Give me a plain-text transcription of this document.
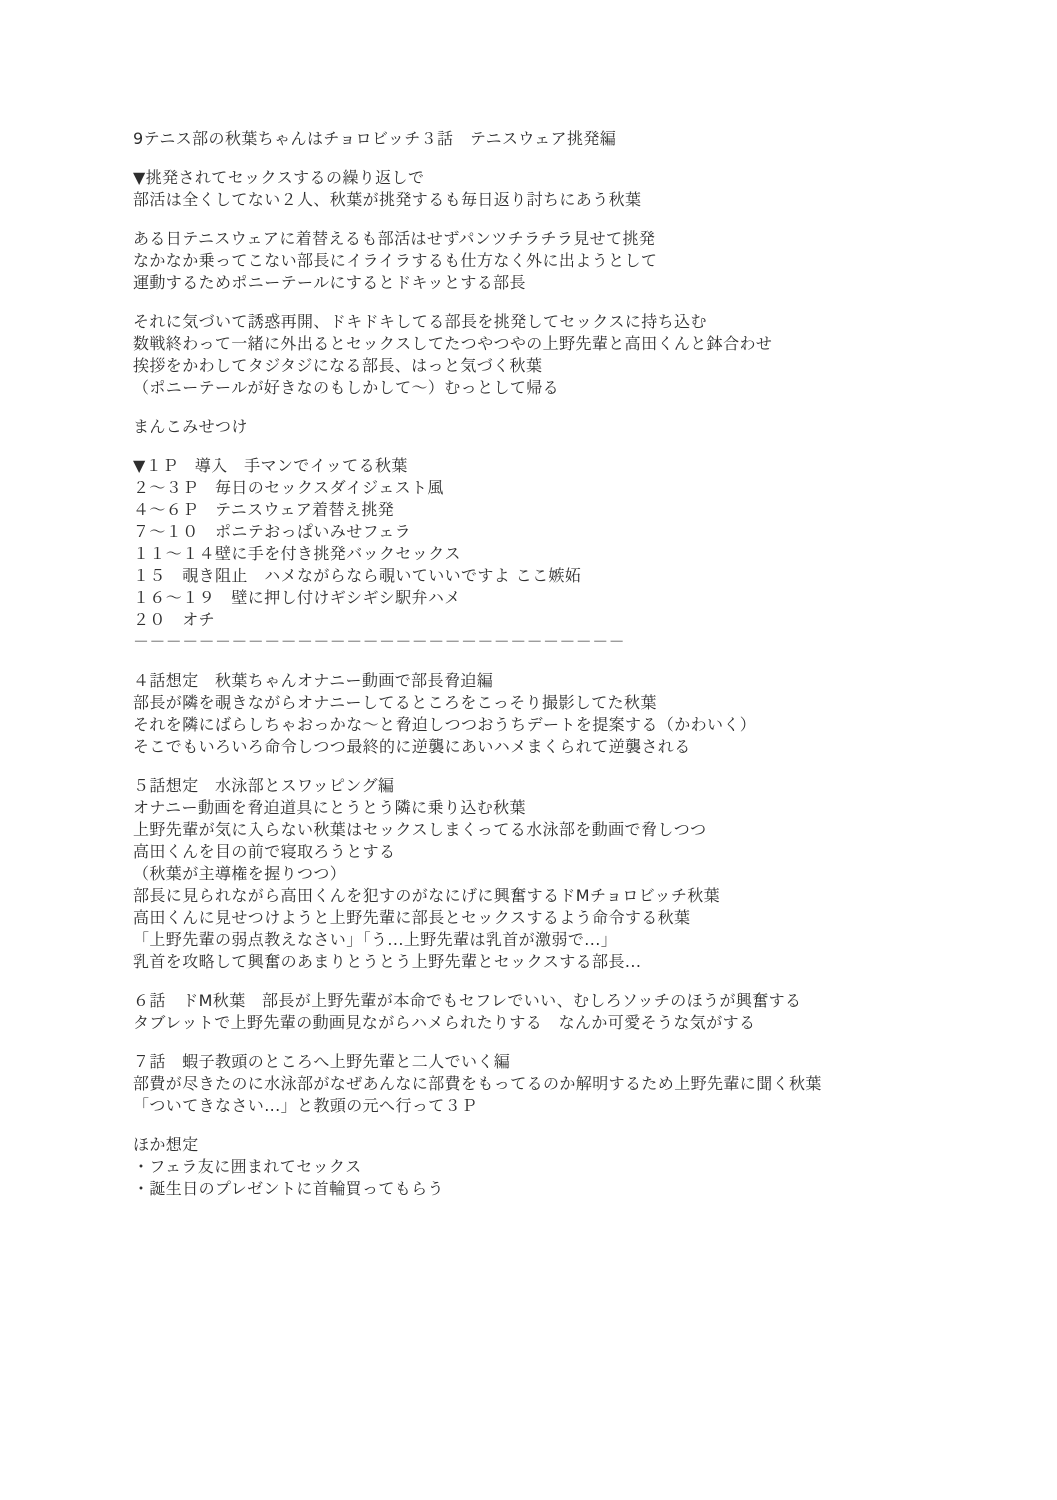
9テニス部の秋葉ちゃんはチョロビッチ３話　テニスウェア挑発編
▼挑発されてセックスするの繰り返しで
部活は全くしてない２人、秋葉が挑発するも毎日返り討ちにあう秋葉
ある日テニスウェアに着替えるも部活はせずパンツチラチラ見せて挑発
なかなか乗ってこない部長にイライラするも仕方なく外に出ようとして
運動するためポニーテールにするとドキッとする部長
それに気づいて誘惑再開、ドキドキしてる部長を挑発してセックスに持ち込む
数戦終わって一緒に外出るとセックスしてたつやつやの上野先輩と高田くんと鉢合わせ
挨拶をかわしてタジタジになる部長、はっと気づく秋葉
（ポニーテールが好きなのもしかして～）むっとして帰る
まんこみせつけ
▼１Ｐ　導入　手マンでイッてる秋葉
２～３Ｐ　毎日のセックスダイジェスト風
４～６Ｐ　テニスウェア着替え挑発
７～１０　ポニテおっぱいみせフェラ
１１～１４壁に手を付き挑発バックセックス
１５　覗き阻止　ハメながらなら覗いていいですよ ここ嫉妬
１６～１９　壁に押し付けギシギシ駅弁ハメ
２０　オチ
－－－－－－－－－－－－－－－－－－－－－－－－－－－－－－
４話想定　秋葉ちゃんオナニー動画で部長脅迫編
部長が隣を覗きながらオナニーしてるところをこっそり撮影してた秋葉
それを隣にばらしちゃおっかな～と脅迫しつつおうちデートを提案する（かわいく）
そこでもいろいろ命令しつつ最終的に逆襲にあいハメまくられて逆襲される
５話想定　水泳部とスワッピング編
オナニー動画を脅迫道具にとうとう隣に乗り込む秋葉
上野先輩が気に入らない秋葉はセックスしまくってる水泳部を動画で脅しつつ
高田くんを目の前で寝取ろうとする
（秋葉が主導権を握りつつ）
部長に見られながら高田くんを犯すのがなにげに興奮するドMチョロビッチ秋葉
高田くんに見せつけようと上野先輩に部長とセックスするよう命令する秋葉
「上野先輩の弱点教えなさい」「う...上野先輩は乳首が激弱で...」
乳首を攻略して興奮のあまりとうとう上野先輩とセックスする部長...
６話　ドM秋葉　部長が上野先輩が本命でもセフレでいい、むしろソッチのほうが興奮する
タブレットで上野先輩の動画見ながらハメられたりする　なんか可愛そうな気がする
７話　蝦子教頭のところへ上野先輩と二人でいく編
部費が尽きたのに水泳部がなぜあんなに部費をもってるのか解明するため上野先輩に聞く秋葉
「ついてきなさい...」と教頭の元へ行って３Ｐ
ほか想定
・フェラ友に囲まれてセックス
・誕生日のプレゼントに首輪買ってもらう
